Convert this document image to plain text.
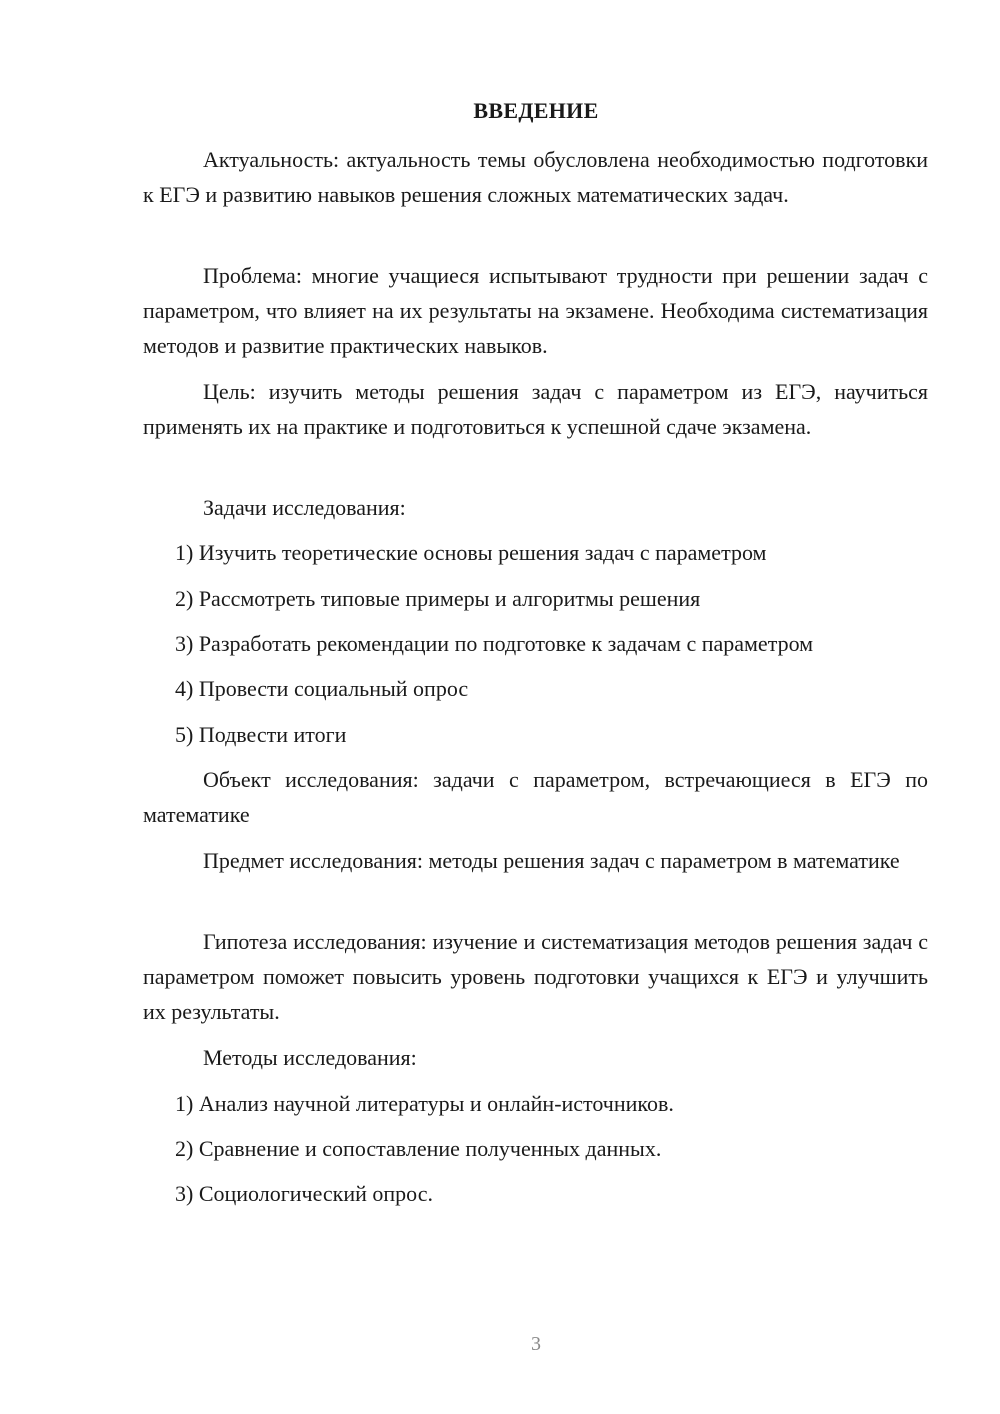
ВВЕДЕНИЕ
Актуальность: актуальность темы обусловлена необходимостью подготовки к ЕГЭ и развитию навыков решения сложных математических задач.
Проблема: многие учащиеся испытывают трудности при решении задач с параметром, что влияет на их результаты на экзамене. Необходима систематизация методов и развитие практических навыков.
Цель: изучить методы решения задач с параметром из ЕГЭ, научиться применять их на практике и подготовиться к успешной сдаче экзамена.
Задачи исследования:
1) Изучить теоретические основы решения задач с параметром
2) Рассмотреть типовые примеры и алгоритмы решения
3) Разработать рекомендации по подготовке к задачам с параметром
4) Провести социальный опрос
5) Подвести итоги
Объект исследования: задачи с параметром, встречающиеся в ЕГЭ по математике
Предмет исследования: методы решения задач с параметром в математике
Гипотеза исследования: изучение и систематизация методов решения задач с параметром поможет повысить уровень подготовки учащихся к ЕГЭ и улучшить их результаты.
Методы исследования:
1) Анализ научной литературы и онлайн-источников.
2) Сравнение и сопоставление полученных данных.
3) Социологический опрос.
3
